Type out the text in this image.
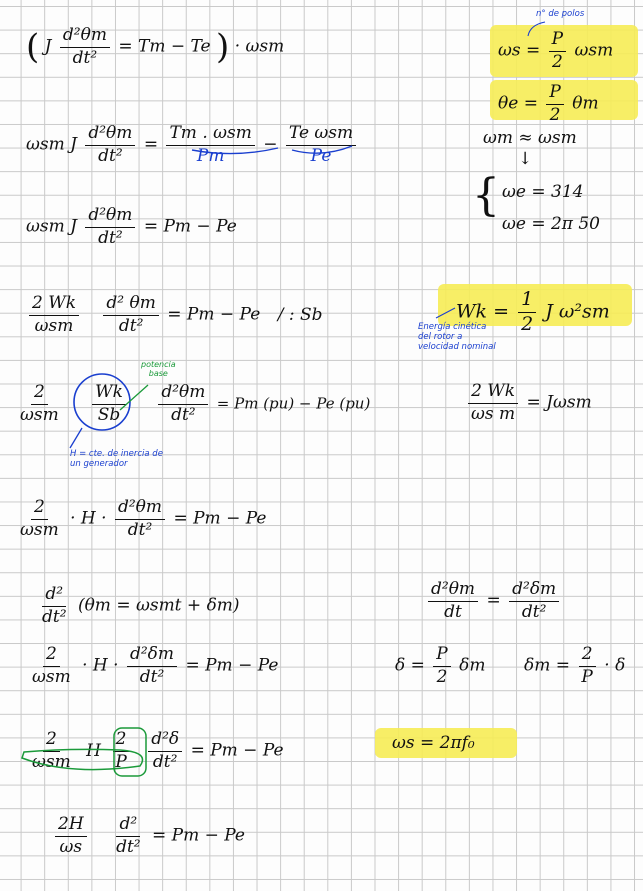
( J $\frac{\text{d²θm}}{\text{dt²}} = Tm - Te$ ) · ωsm
n° de polos
$\omega s = \frac{P}{2}$ ωsm
$\theta e = \frac{P}{2}$ θm
ωsm J $\frac{\text{d²θm}}{\text{dt²}} = \frac{\text{Tm . ωsm}}{Pm} - \frac{\text{Te ωsm}}{Pe}$	ωm ≈ ωsm
↓
{ ωe = 314
ωe = 2π 50
ωsm J $\frac{\text{d²θm}}{\text{dt²}} = Pm - Pe$
$\frac{2 Wk}{\text{ωsm}}$
$\frac{\text{d² θm}}{\text{dt²}} = Pm - Pe$ / : Sb	$Wk = \frac{1}{2}$ J ω²sm
Energía cinética
del rotor a
velocidad nominal
$\frac{2}{\text{ωsm}}$
$\frac{Wk}{Sb}$
$\frac{\text{d²θm}}{\text{dt²}} = Pm$ (pu) − Pe (pu)
potencia
base
H = cte. de inercia de
un generador
$\frac{2 Wk}{\text{ωs m}} = J\omega sm$
$\frac{2}{\text{ωsm}} \cdot H \cdot \frac{\text{d²θm}}{\text{dt²}} = Pm - Pe$
$\frac{\text{d²}}{\text{dt²}} (\theta m = \omega smt + \delta m)$	$\frac{\text{d²θm}}{dt} = \frac{\text{d²δm}}{\text{dt²}}$
$\frac{2}{\text{ωsm}} \cdot H \cdot \frac{\text{d²δm}}{\text{dt²}} = Pm - Pe$	$\delta = \frac{P}{2}$ δm $\delta m = \frac{2}{P} \cdot \delta$
$\frac{2}{\text{ωsm}}$ H $\frac{2}{P}$
$\frac{\text{d²δ}}{\text{dt²}} = Pm - Pe$	ωs = 2πf₀
$\frac{2H}{\omega s}$
$\frac{\text{d²}}{\text{dt²}} = Pm - Pe$
